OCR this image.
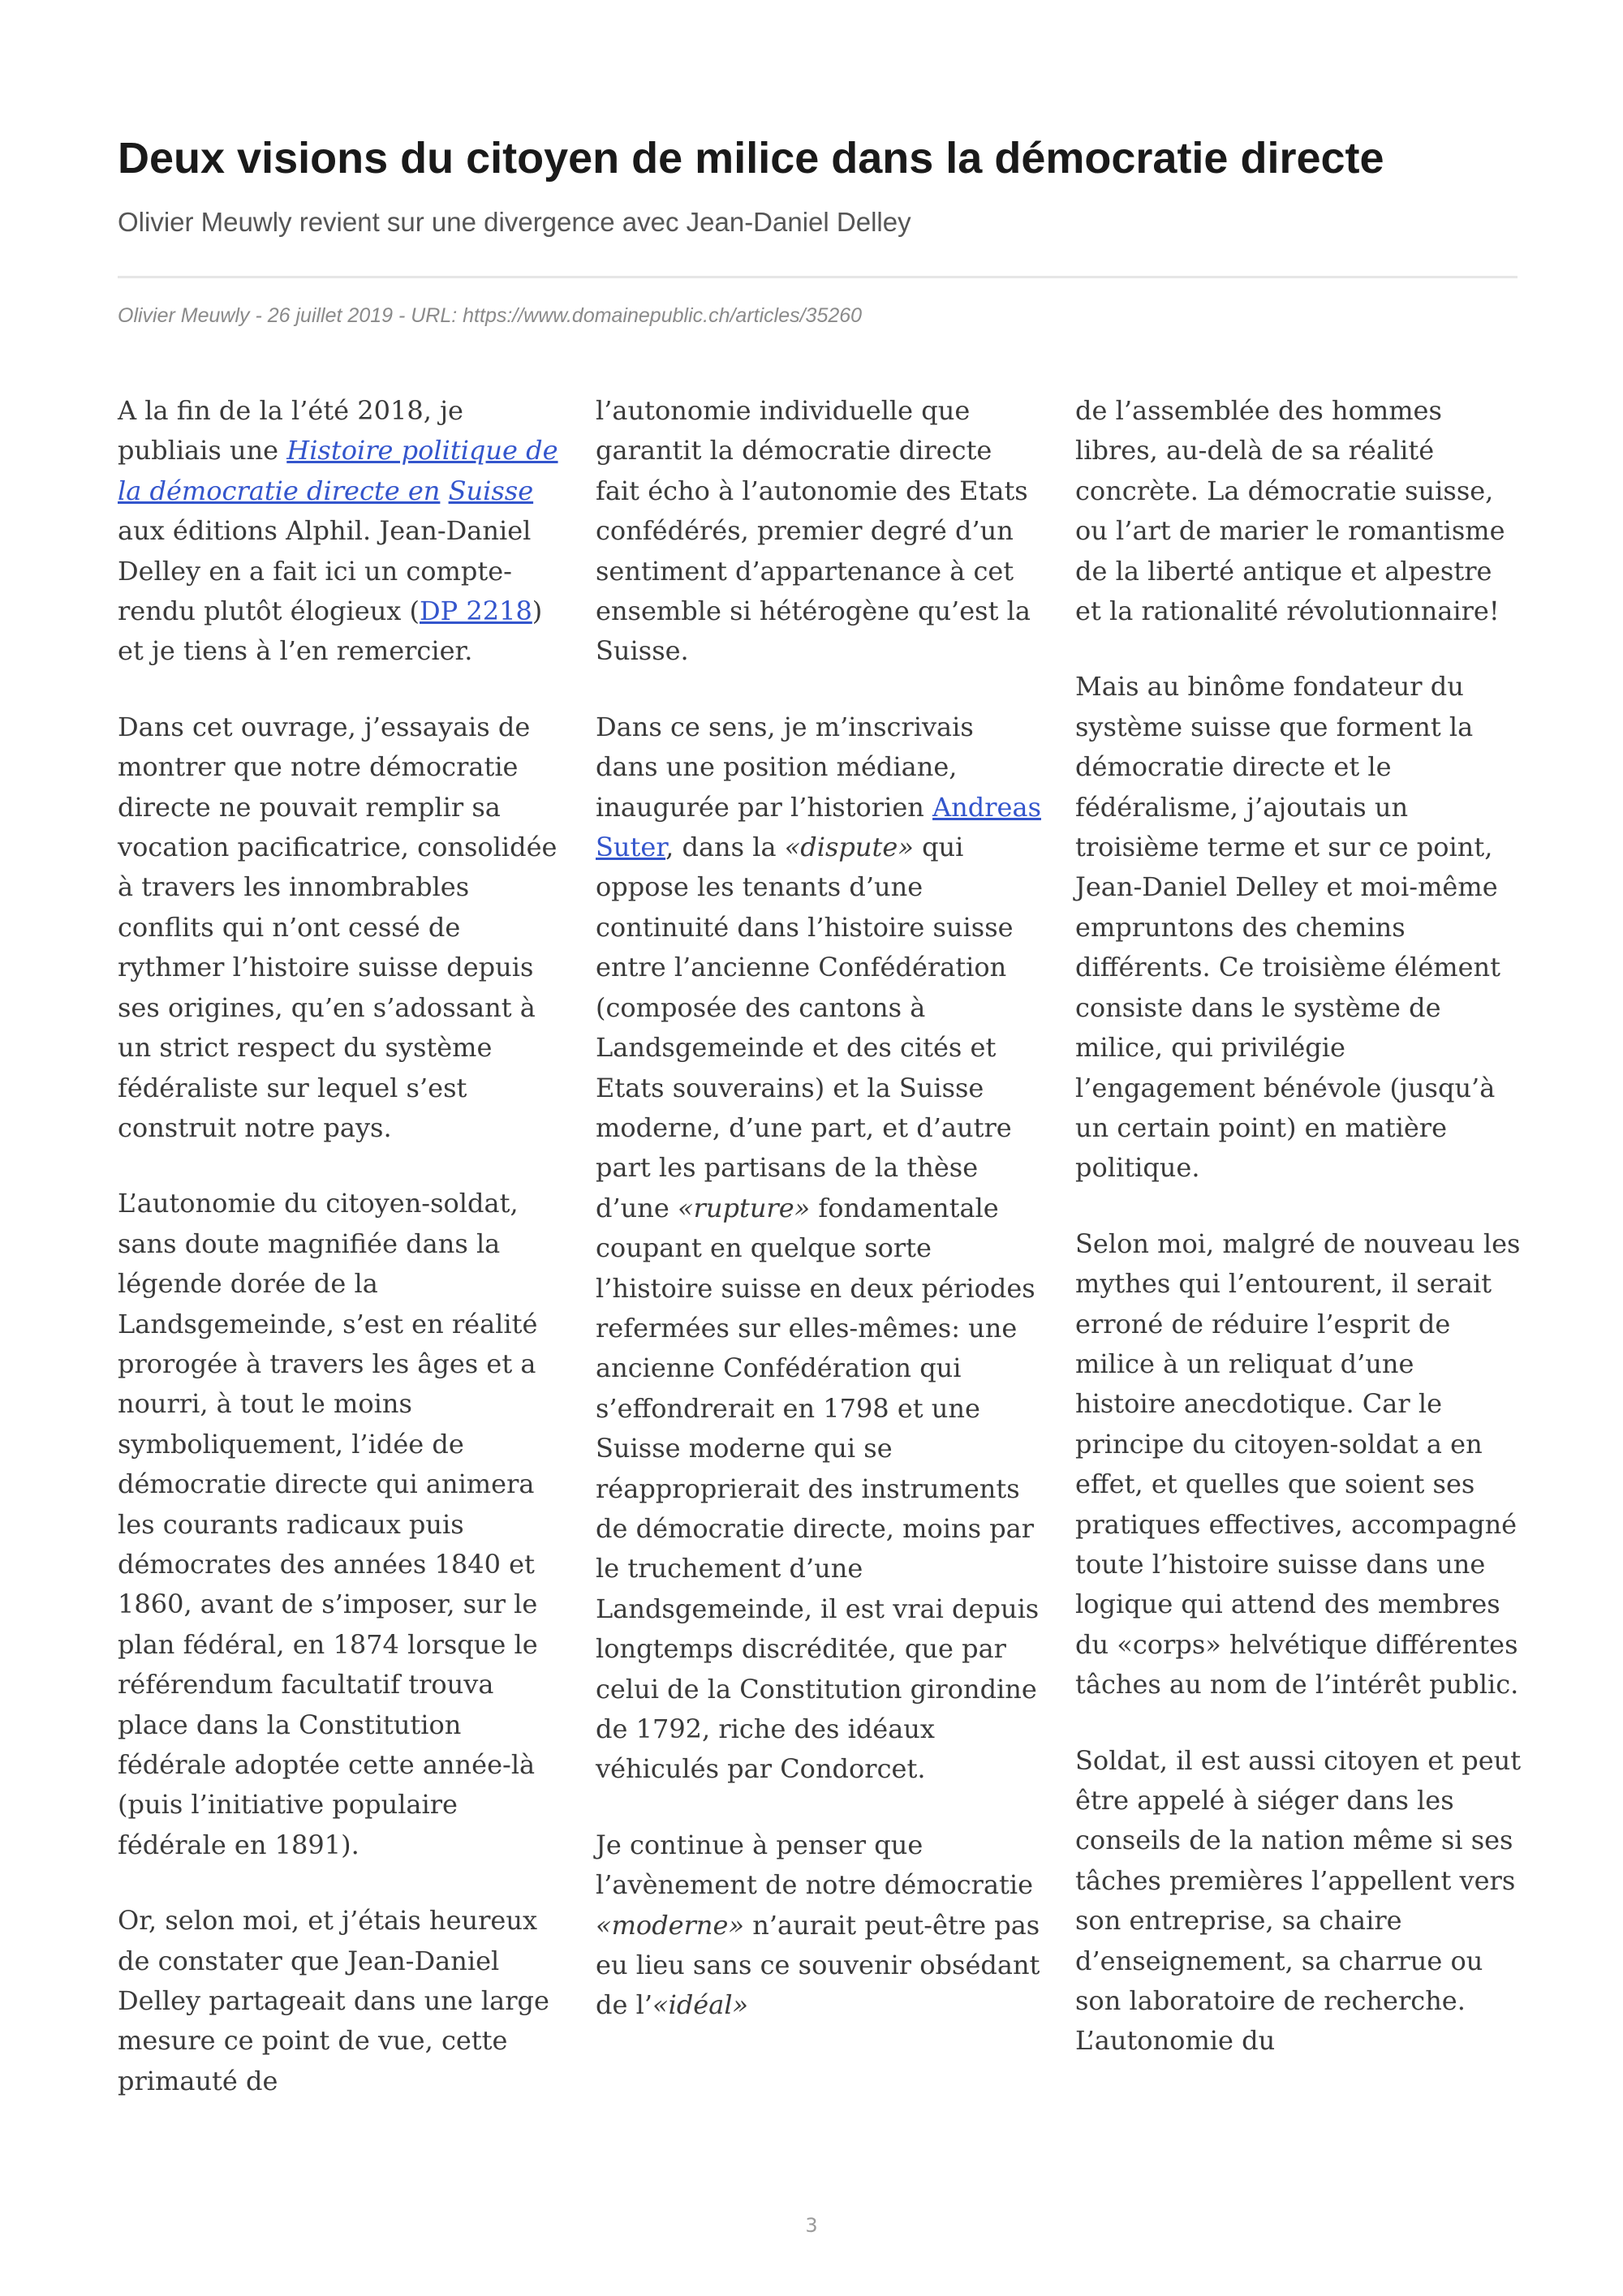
Deux visions du citoyen de milice dans la démocratie directe

Olivier Meuwly revient sur une divergence avec Jean-Daniel Delley

Olivier Meuwly - 26 juillet 2019 - URL: https://www.domainepublic.ch/articles/35260

A la fin de la l’été 2018, je publiais une Histoire politique de la démocratie directe en Suisse aux éditions Alphil. Jean-Daniel Delley en a fait ici un compte-rendu plutôt élogieux (DP 2218) et je tiens à l’en remercier.

Dans cet ouvrage, j’essayais de montrer que notre démocratie directe ne pouvait remplir sa vocation pacificatrice, consolidée à travers les innombrables conflits qui n’ont cessé de rythmer l’histoire suisse depuis ses origines, qu’en s’adossant à un strict respect du système fédéraliste sur lequel s’est construit notre pays.

L’autonomie du citoyen-soldat, sans doute magnifiée dans la légende dorée de la Landsgemeinde, s’est en réalité prorogée à travers les âges et a nourri, à tout le moins symboliquement, l’idée de démocratie directe qui animera les courants radicaux puis démocrates des années 1840 et 1860, avant de s’imposer, sur le plan fédéral, en 1874 lorsque le référendum facultatif trouva place dans la Constitution fédérale adoptée cette année-là (puis l’initiative populaire fédérale en 1891).

Or, selon moi, et j’étais heureux de constater que Jean-Daniel Delley partageait dans une large mesure ce point de vue, cette primauté de

l’autonomie individuelle que garantit la démocratie directe fait écho à l’autonomie des Etats confédérés, premier degré d’un sentiment d’appartenance à cet ensemble si hétérogène qu’est la Suisse.

Dans ce sens, je m’inscrivais dans une position médiane, inaugurée par l’historien Andreas Suter, dans la «dispute» qui oppose les tenants d’une continuité dans l’histoire suisse entre l’ancienne Confédération (composée des cantons à Landsgemeinde et des cités et Etats souverains) et la Suisse moderne, d’une part, et d’autre part les partisans de la thèse d’une «rupture» fondamentale coupant en quelque sorte l’histoire suisse en deux périodes refermées sur elles-mêmes: une ancienne Confédération qui s’effondrerait en 1798 et une Suisse moderne qui se réapproprierait des instruments de démocratie directe, moins par le truchement d’une Landsgemeinde, il est vrai depuis longtemps discréditée, que par celui de la Constitution girondine de 1792, riche des idéaux véhiculés par Condorcet.

Je continue à penser que l’avènement de notre démocratie «moderne» n’aurait peut-être pas eu lieu sans ce souvenir obsédant de l’«idéal»

de l’assemblée des hommes libres, au-delà de sa réalité concrète. La démocratie suisse, ou l’art de marier le romantisme de la liberté antique et alpestre et la rationalité révolutionnaire!

Mais au binôme fondateur du système suisse que forment la démocratie directe et le fédéralisme, j’ajoutais un troisième terme et sur ce point, Jean-Daniel Delley et moi-même empruntons des chemins différents. Ce troisième élément consiste dans le système de milice, qui privilégie l’engagement bénévole (jusqu’à un certain point) en matière politique.

Selon moi, malgré de nouveau les mythes qui l’entourent, il serait erroné de réduire l’esprit de milice à un reliquat d’une histoire anecdotique. Car le principe du citoyen-soldat a en effet, et quelles que soient ses pratiques effectives, accompagné toute l’histoire suisse dans une logique qui attend des membres du «corps» helvétique différentes tâches au nom de l’intérêt public.

Soldat, il est aussi citoyen et peut être appelé à siéger dans les conseils de la nation même si ses tâches premières l’appellent vers son entreprise, sa chaire d’enseignement, sa charrue ou son laboratoire de recherche. L’autonomie du

3
